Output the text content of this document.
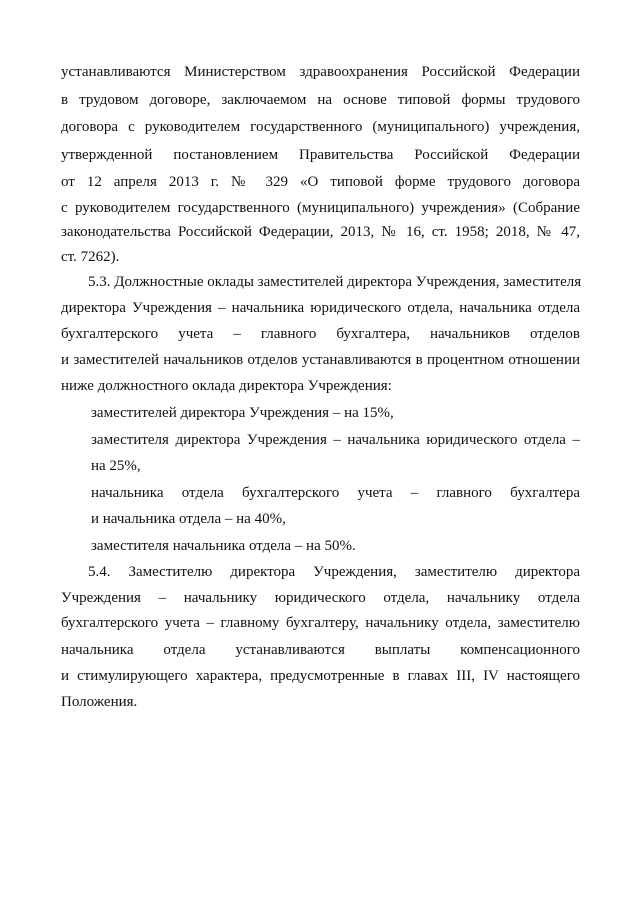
устанавливаются Министерством здравоохранения Российской Федерации
в трудовом договоре, заключаемом на основе типовой формы трудового
договора с руководителем государственного (муниципального) учреждения,
утвержденной постановлением Правительства Российской Федерации
от 12 апреля 2013 г. № 329 «О типовой форме трудового договора
с руководителем государственного (муниципального) учреждения» (Собрание
законодательства Российской Федерации, 2013, № 16, ст. 1958; 2018, № 47,
ст. 7262).
5.3. Должностные оклады заместителей директора Учреждения, заместителя
директора Учреждения – начальника юридического отдела, начальника отдела
бухгалтерского учета – главного бухгалтера, начальников отделов
и заместителей начальников отделов устанавливаются в процентном отношении
ниже должностного оклада директора Учреждения:
заместителей директора Учреждения – на 15%,
заместителя директора Учреждения – начальника юридического отдела –
на 25%,
начальника отдела бухгалтерского учета – главного бухгалтера
и начальника отдела – на 40%,
заместителя начальника отдела – на 50%.
5.4. Заместителю директора Учреждения, заместителю директора
Учреждения – начальнику юридического отдела, начальнику отдела
бухгалтерского учета – главному бухгалтеру, начальнику отдела, заместителю
начальника отдела устанавливаются выплаты компенсационного
и стимулирующего характера, предусмотренные в главах III, IV настоящего
Положения.
